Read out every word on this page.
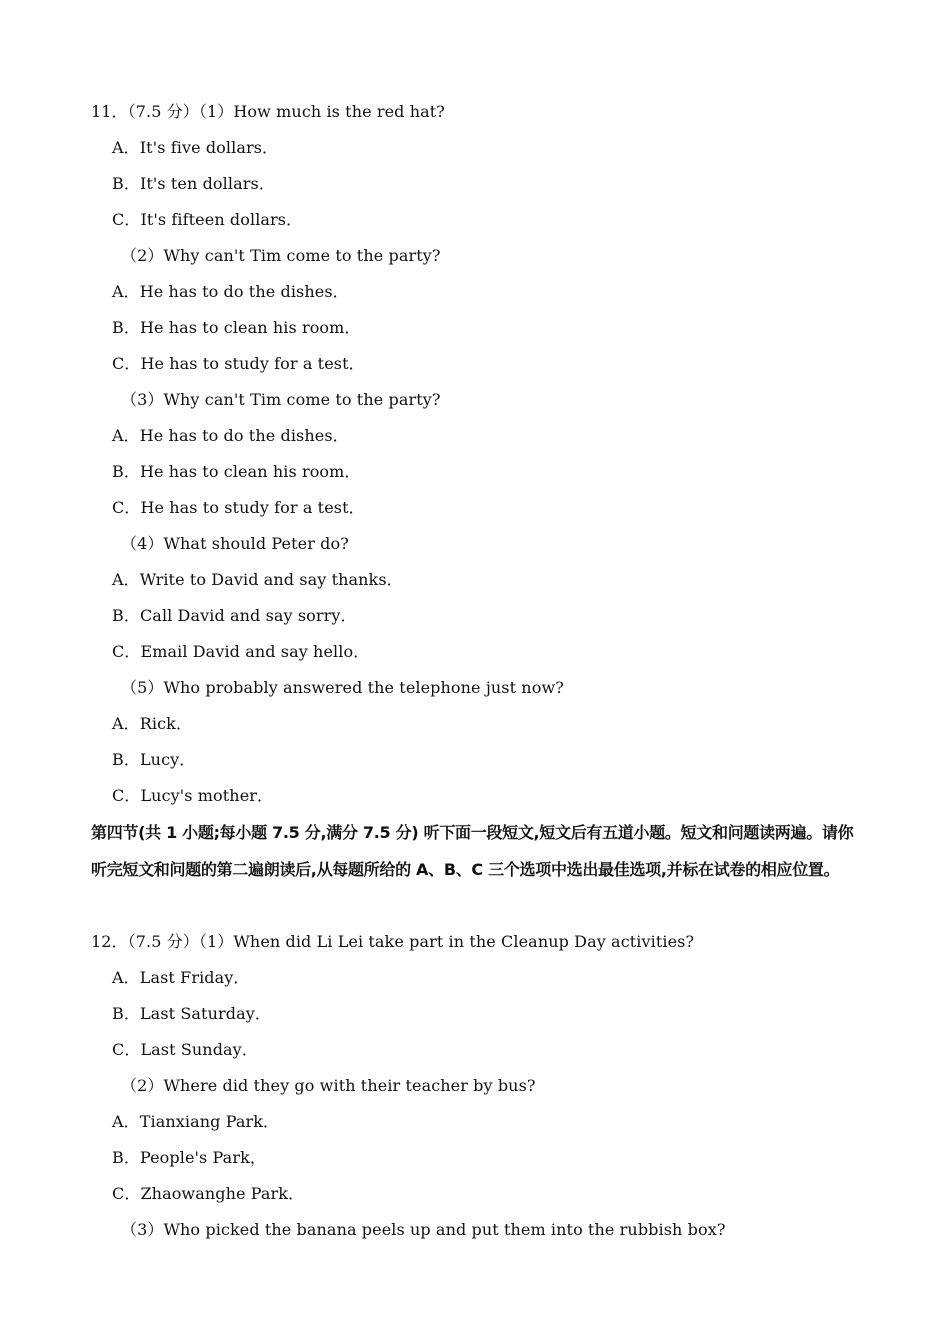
11．（7.5 分）（1）How much is the red hat?
A．It's five dollars．
B．It's ten dollars．
C．It's fifteen dollars．
（2）Why can't Tim come to the party?
A．He has to do the dishes．
B．He has to clean his room．
C．He has to study for a test．
（3）Why can't Tim come to the party?
A．He has to do the dishes．
B．He has to clean his room．
C．He has to study for a test．
（4）What should Peter do?
A．Write to David and say thanks．
B．Call David and say sorry．
C．Email David and say hello．
（5）Who probably answered the telephone just now?
A．Rick．
B．Lucy．
C．Lucy's mother．
第四节(共 1 小题;每小题 7.5 分,满分 7.5 分) 听下面一段短文,短文后有五道小题。短文和问题读两遍。请你听完短文和问题的第二遍朗读后,从每题所给的 A、B、C 三个选项中选出最佳选项,并标在试卷的相应位置。
12．（7.5 分）（1）When did Li Lei take part in the Cleanup Day activities?
A．Last Friday．
B．Last Saturday．
C．Last Sunday．
（2）Where did they go with their teacher by bus?
A．Tianxiang Park．
B．People's Park，
C．Zhaowanghe Park．
（3）Who picked the banana peels up and put them into the rubbish box?
